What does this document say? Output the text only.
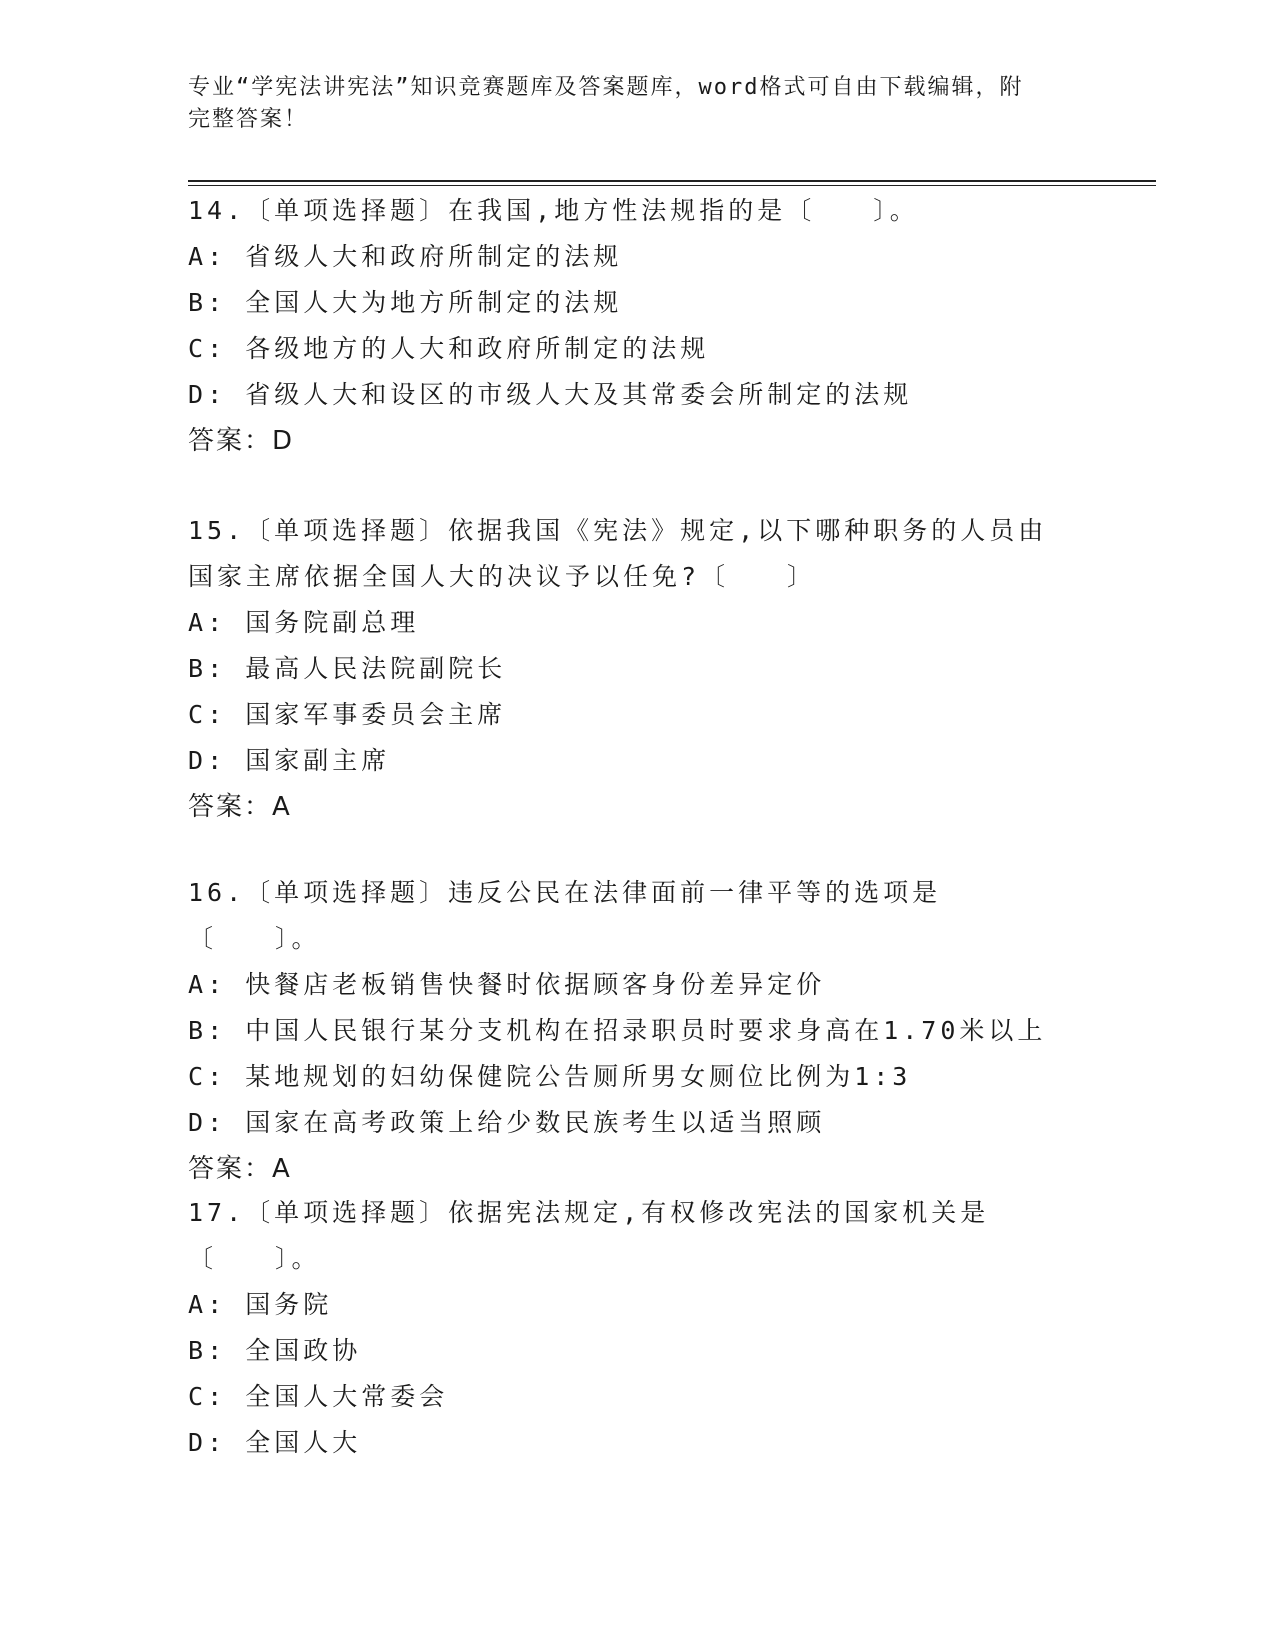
专业“学宪法讲宪法”知识竞赛题库及答案题库，word格式可自由下载编辑，附
完整答案！
14.〔单项选择题〕在我国,地方性法规指的是〔　　〕。
A: 省级人大和政府所制定的法规
B: 全国人大为地方所制定的法规
C: 各级地方的人大和政府所制定的法规
D: 省级人大和设区的市级人大及其常委会所制定的法规
答案：D
15.〔单项选择题〕依据我国《宪法》规定,以下哪种职务的人员由国家主席依据全国人大的决议予以任免?〔　　〕
A: 国务院副总理
B: 最高人民法院副院长
C: 国家军事委员会主席
D: 国家副主席
答案：A
16.〔单项选择题〕违反公民在法律面前一律平等的选项是〔　　〕。
A: 快餐店老板销售快餐时依据顾客身份差异定价
B: 中国人民银行某分支机构在招录职员时要求身高在1.70米以上
C: 某地规划的妇幼保健院公告厕所男女厕位比例为1:3
D: 国家在高考政策上给少数民族考生以适当照顾
答案：A
17.〔单项选择题〕依据宪法规定,有权修改宪法的国家机关是〔　　〕。
A: 国务院
B: 全国政协
C: 全国人大常委会
D: 全国人大
